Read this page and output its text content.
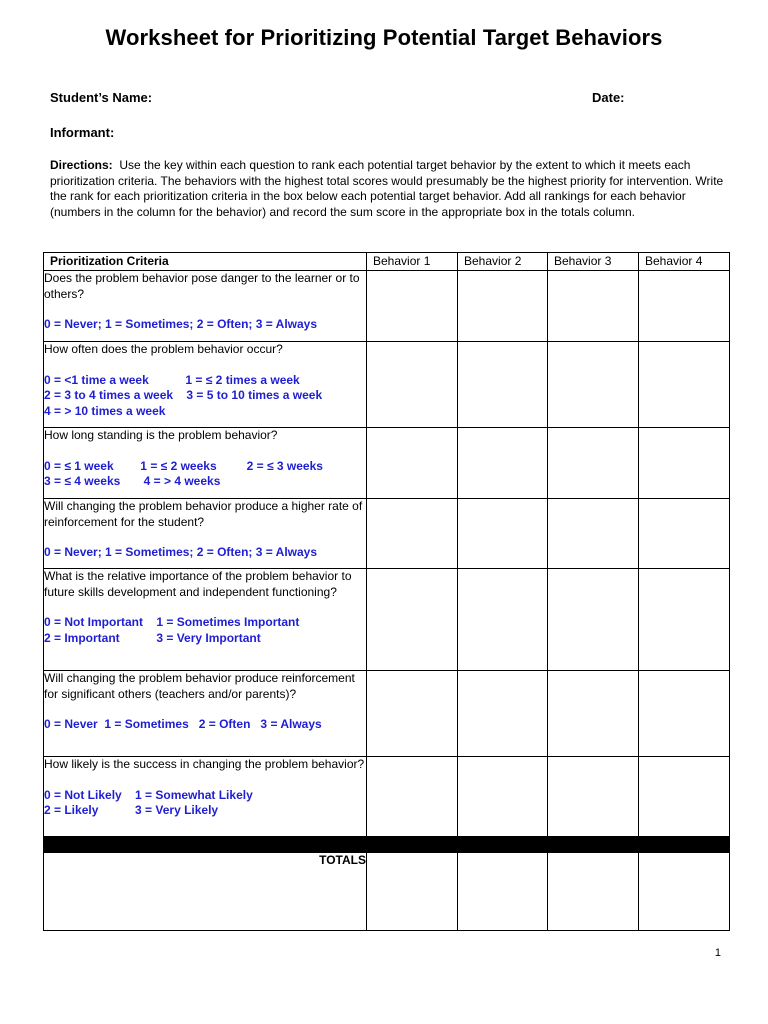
Worksheet for Prioritizing Potential Target Behaviors
Student’s Name:	Date:
Informant:
Directions: Use the key within each question to rank each potential target behavior by the extent to which it meets each prioritization criteria. The behaviors with the highest total scores would presumably be the highest priority for intervention. Write the rank for each prioritization criteria in the box below each potential target behavior. Add all rankings for each behavior (numbers in the column for the behavior) and record the sum score in the appropriate box in the totals column.
Prioritization Criteria	Behavior 1	Behavior 2	Behavior 3	Behavior 4

Does the problem behavior pose danger to the learner or to others?
0 = Never; 1 = Sometimes; 2 = Often; 3 = Always				

How often does the problem behavior occur?
0 = <1 time a week           1 = ≤ 2 times a week
2 = 3 to 4 times a week    3 = 5 to 10 times a week
4 = > 10 times a week				

How long standing is the problem behavior?
0 = ≤ 1 week        1 = ≤ 2 weeks         2 = ≤ 3 weeks
3 = ≤ 4 weeks       4 = > 4 weeks				

Will changing the problem behavior produce a higher rate of reinforcement for the student?
0 = Never; 1 = Sometimes; 2 = Often; 3 = Always				

What is the relative importance of the problem behavior to future skills development and independent functioning?
0 = Not Important    1 = Sometimes Important
2 = Important           3 = Very Important				

Will changing the problem behavior produce reinforcement for significant others (teachers and/or parents)?
0 = Never  1 = Sometimes   2 = Often   3 = Always				

How likely is the success in changing the problem behavior?
0 = Not Likely    1 = Somewhat Likely
2 = Likely           3 = Very Likely				

TOTALS				
1
